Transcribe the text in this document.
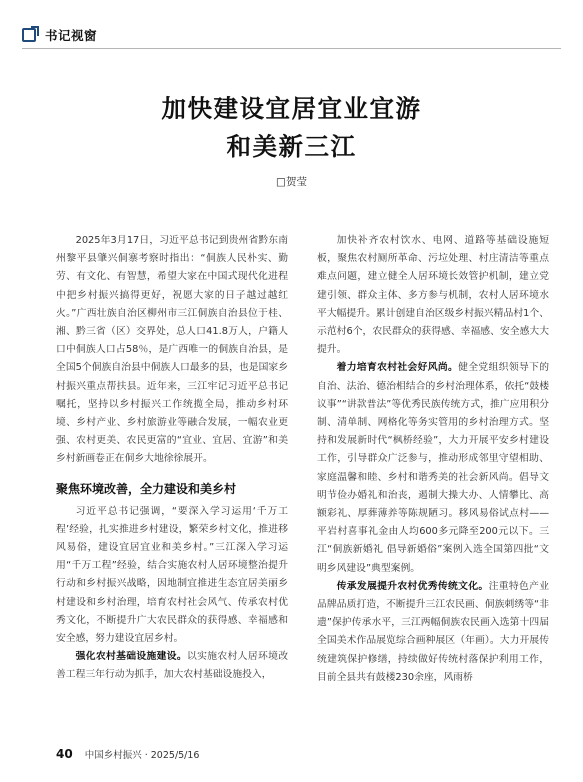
书记视窗
加快建设宜居宜业宜游
和美新三江
□贺莹

2025年3月17日，习近平总书记到贵州省黔东南州黎平县肇兴侗寨考察时指出：“侗族人民朴实、勤劳、有文化、有智慧，希望大家在中国式现代化进程中把乡村振兴搞得更好，祝愿大家的日子越过越红火。”广西壮族自治区柳州市三江侗族自治县位于桂、湘、黔三省（区）交界处，总人口41.8万人，户籍人口中侗族人口占58％，是广西唯一的侗族自治县，是全国5个侗族自治县中侗族人口最多的县，也是国家乡村振兴重点帮扶县。近年来，三江牢记习近平总书记嘱托，坚持以乡村振兴工作统揽全局，推动乡村环境、乡村产业、乡村旅游业等融合发展，一幅农业更强、农村更美、农民更富的“宜业、宜居、宜游”和美乡村新画卷正在侗乡大地徐徐展开。

聚焦环境改善，全力建设和美乡村

习近平总书记强调，“要深入学习运用‘千万工程’经验，扎实推进乡村建设，繁荣乡村文化，推进移风易俗，建设宜居宜业和美乡村。”三江深入学习运用“千万工程”经验，结合实施农村人居环境整治提升行动和乡村振兴战略，因地制宜推进生态宜居美丽乡村建设和乡村治理，培育农村社会风气、传承农村优秀文化，不断提升广大农民群众的获得感、幸福感和安全感，努力建设宜居乡村。

强化农村基础设施建设。以实施农村人居环境改善工程三年行动为抓手，加大农村基础设施投入，

加快补齐农村饮水、电网、道路等基础设施短板，聚焦农村厕所革命、污垃处理、村庄清洁等重点难点问题，建立健全人居环境长效管护机制，建立党建引领、群众主体、多方参与机制，农村人居环境水平大幅提升。累计创建自治区级乡村振兴精品村1个、示范村6个，农民群众的获得感、幸福感、安全感大大提升。

着力培育农村社会好风尚。健全党组织领导下的自治、法治、德治相结合的乡村治理体系，依托“鼓楼议事”“讲款普法”等优秀民族传统方式，推广应用积分制、清单制、网格化等务实管用的乡村治理方式。坚持和发展新时代“枫桥经验”，大力开展平安乡村建设工作，引导群众广泛参与，推动形成邻里守望相助、家庭温馨和睦、乡村和谐秀美的社会新风尚。倡导文明节俭办婚礼和治丧，遏制大操大办、人情攀比、高额彩礼、厚葬薄养等陈规陋习。移风易俗试点村——平岩村喜事礼金由人均600多元降至200元以下。三江“侗族新婚礼 倡导新婚俗”案例入选全国第四批“文明乡风建设”典型案例。

传承发展提升农村优秀传统文化。注重特色产业品牌品质打造，不断提升三江农民画、侗族刺绣等“非遗”保护传承水平，三江两幅侗族农民画入选第十四届全国美术作品展览综合画种展区（年画）。大力开展传统建筑保护修缮，持续做好传统村落保护利用工作，目前全县共有鼓楼230余座，风雨桥

40 中国乡村振兴 · 2025/5/16
